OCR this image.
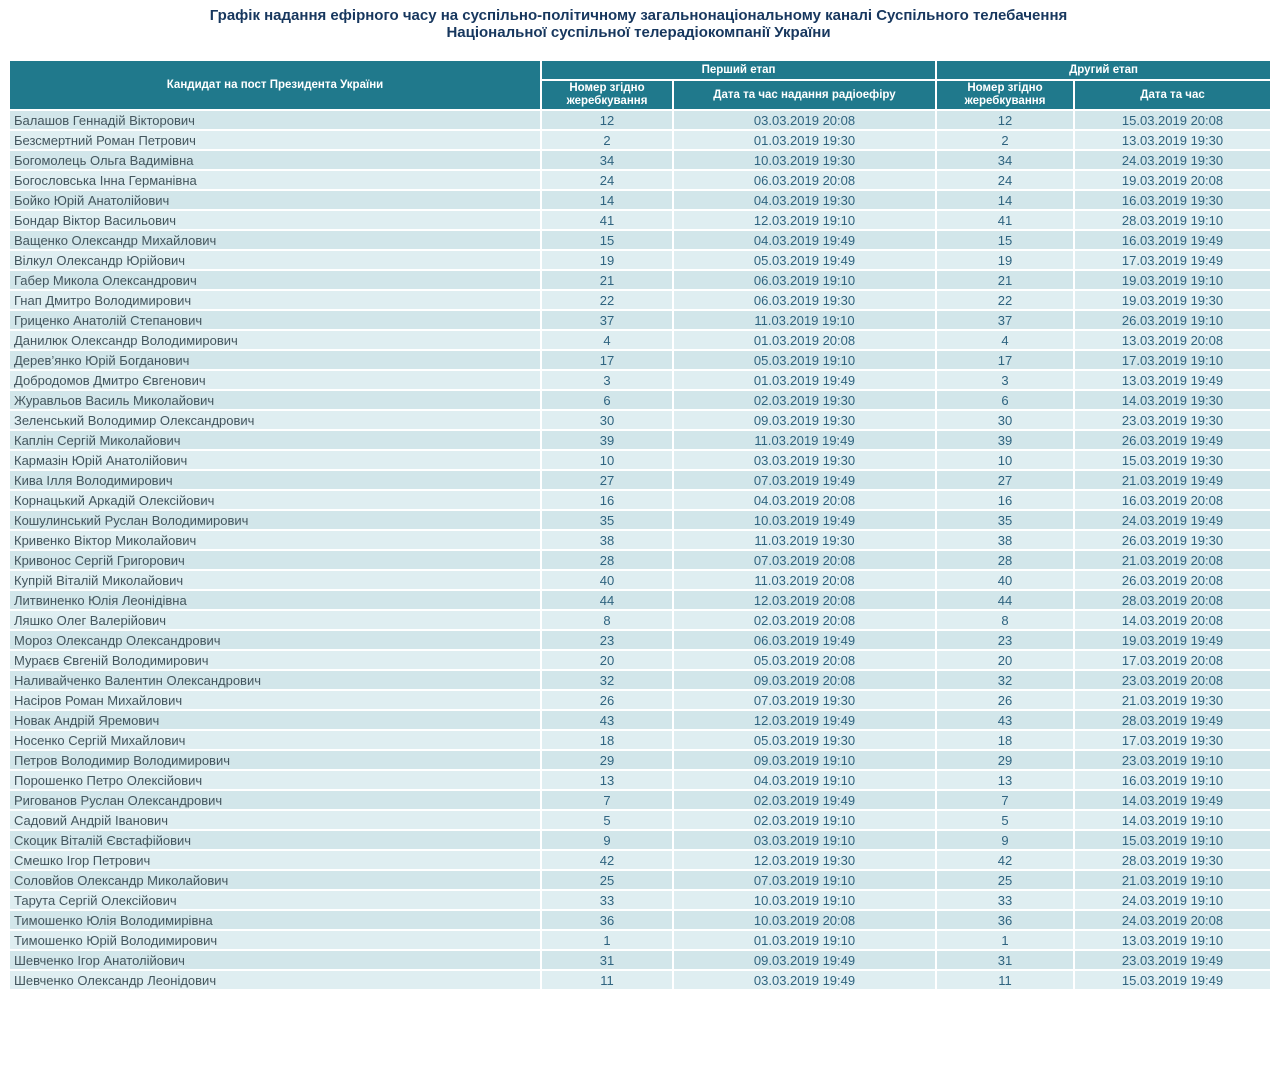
Графік надання ефірного часу на суспільно-політичному загальнонаціональному каналі Суспільного телебачення
Національної суспільної телерадіокомпанії України
Кандидат на пост Президента України	Перший етап		Другий етап	
	Номер згідно жеребкування	Дата та час надання радіоефіру	Номер згідно жеребкування	Дата та час
Балашов Геннадій Вікторович	12	03.03.2019 20:08	12	15.03.2019 20:08
Безсмертний Роман Петрович	2	01.03.2019 19:30	2	13.03.2019 19:30
Богомолець Ольга Вадимівна	34	10.03.2019 19:30	34	24.03.2019 19:30
Богословська Інна Германівна	24	06.03.2019 20:08	24	19.03.2019 20:08
Бойко Юрій Анатолійович	14	04.03.2019 19:30	14	16.03.2019 19:30
Бондар Віктор Васильович	41	12.03.2019 19:10	41	28.03.2019 19:10
Ващенко Олександр Михайлович	15	04.03.2019 19:49	15	16.03.2019 19:49
Вілкул Олександр Юрійович	19	05.03.2019 19:49	19	17.03.2019 19:49
Габер Микола Олександрович	21	06.03.2019 19:10	21	19.03.2019 19:10
Гнап Дмитро Володимирович	22	06.03.2019 19:30	22	19.03.2019 19:30
Гриценко Анатолій Степанович	37	11.03.2019 19:10	37	26.03.2019 19:10
Данилюк Олександр Володимирович	4	01.03.2019 20:08	4	13.03.2019 20:08
Дерев’янко Юрій Богданович	17	05.03.2019 19:10	17	17.03.2019 19:10
Добродомов Дмитро Євгенович	3	01.03.2019 19:49	3	13.03.2019 19:49
Журавльов Василь Миколайович	6	02.03.2019 19:30	6	14.03.2019 19:30
Зеленський Володимир Олександрович	30	09.03.2019 19:30	30	23.03.2019 19:30
Каплін Сергій Миколайович	39	11.03.2019 19:49	39	26.03.2019 19:49
Кармазін Юрій Анатолійович	10	03.03.2019 19:30	10	15.03.2019 19:30
Кива Ілля Володимирович	27	07.03.2019 19:49	27	21.03.2019 19:49
Корнацький Аркадій Олексійович	16	04.03.2019 20:08	16	16.03.2019 20:08
Кошулинський Руслан Володимирович	35	10.03.2019 19:49	35	24.03.2019 19:49
Кривенко Віктор Миколайович	38	11.03.2019 19:30	38	26.03.2019 19:30
Кривонос Сергій Григорович	28	07.03.2019 20:08	28	21.03.2019 20:08
Купрій Віталій Миколайович	40	11.03.2019 20:08	40	26.03.2019 20:08
Литвиненко Юлія Леонідівна	44	12.03.2019 20:08	44	28.03.2019 20:08
Ляшко Олег Валерійович	8	02.03.2019 20:08	8	14.03.2019 20:08
Мороз Олександр Олександрович	23	06.03.2019 19:49	23	19.03.2019 19:49
Мураєв Євгеній Володимирович	20	05.03.2019 20:08	20	17.03.2019 20:08
Наливайченко Валентин Олександрович	32	09.03.2019 20:08	32	23.03.2019 20:08
Насіров Роман Михайлович	26	07.03.2019 19:30	26	21.03.2019 19:30
Новак Андрій Яремович	43	12.03.2019 19:49	43	28.03.2019 19:49
Носенко Сергій Михайлович	18	05.03.2019 19:30	18	17.03.2019 19:30
Петров Володимир Володимирович	29	09.03.2019 19:10	29	23.03.2019 19:10
Порошенко Петро Олексійович	13	04.03.2019 19:10	13	16.03.2019 19:10
Ригованов Руслан Олександрович	7	02.03.2019 19:49	7	14.03.2019 19:49
Садовий Андрій Іванович	5	02.03.2019 19:10	5	14.03.2019 19:10
Скоцик Віталій Євстафійович	9	03.03.2019 19:10	9	15.03.2019 19:10
Смешко Ігор Петрович	42	12.03.2019 19:30	42	28.03.2019 19:30
Соловйов Олександр Миколайович	25	07.03.2019 19:10	25	21.03.2019 19:10
Тарута Сергій Олексійович	33	10.03.2019 19:10	33	24.03.2019 19:10
Тимошенко Юлія Володимирівна	36	10.03.2019 20:08	36	24.03.2019 20:08
Тимошенко Юрій Володимирович	1	01.03.2019 19:10	1	13.03.2019 19:10
Шевченко Ігор Анатолійович	31	09.03.2019 19:49	31	23.03.2019 19:49
Шевченко Олександр Леонідович	11	03.03.2019 19:49	11	15.03.2019 19:49
